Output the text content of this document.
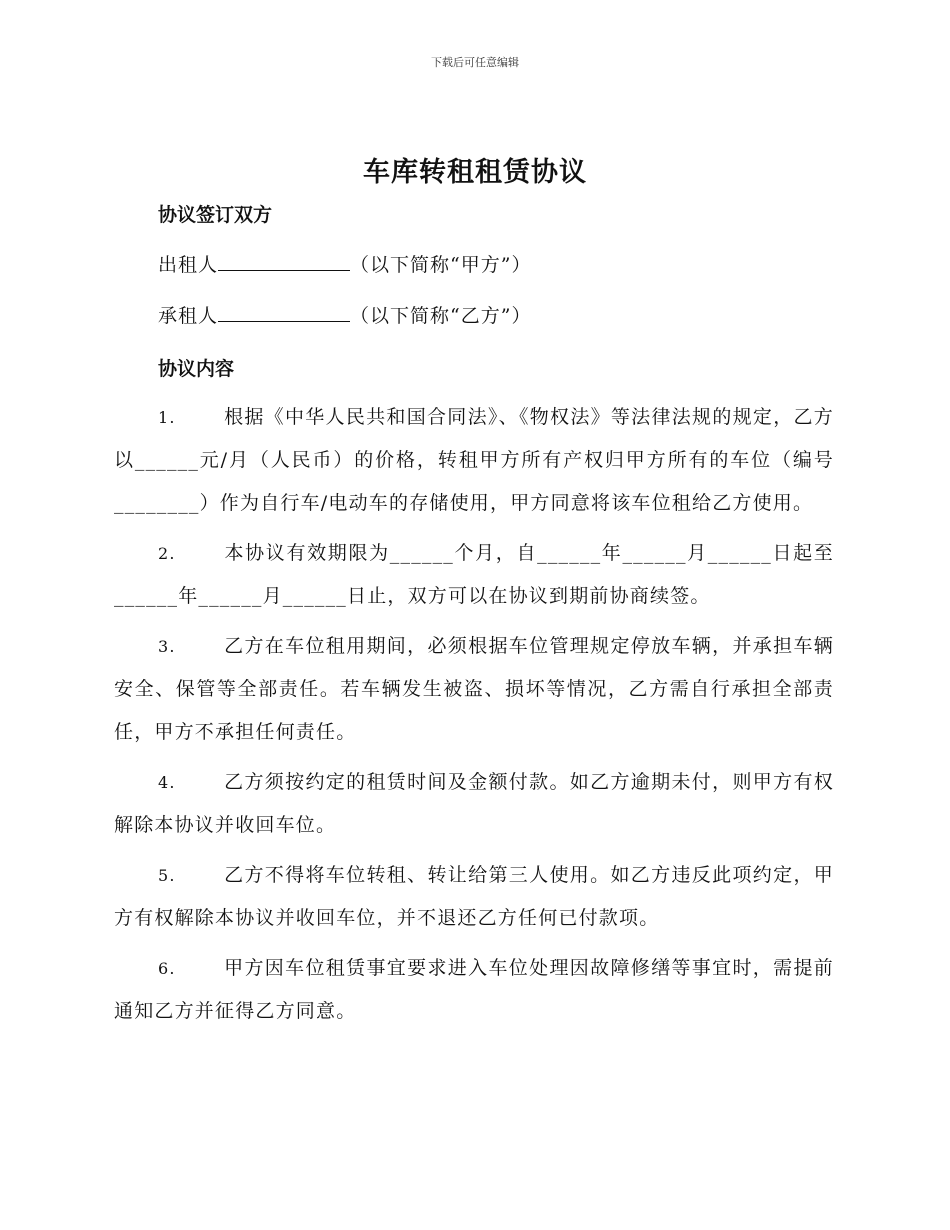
下载后可任意编辑
车库转租租赁协议
协议签订双方
出租人	（以下简称“甲方”）
承租人	（以下简称“乙方”）
协议内容

1.	根据《中华人民共和国合同法》、《物权法》等法律法规的规定，乙方以______元/月（人民币）的价格，转租甲方所有产权归甲方所有的车位（编号________）作为自行车/电动车的存储使用，甲方同意将该车位租给乙方使用。

2.	本协议有效期限为______个月，自______年______月______日起至______年______月______日止，双方可以在协议到期前协商续签。

3.	乙方在车位租用期间，必须根据车位管理规定停放车辆，并承担车辆安全、保管等全部责任。若车辆发生被盗、损坏等情况，乙方需自行承担全部责任，甲方不承担任何责任。

4.	乙方须按约定的租赁时间及金额付款。如乙方逾期未付，则甲方有权解除本协议并收回车位。

5.	乙方不得将车位转租、转让给第三人使用。如乙方违反此项约定，甲方有权解除本协议并收回车位，并不退还乙方任何已付款项。

6.	甲方因车位租赁事宜要求进入车位处理因故障修缮等事宜时，需提前通知乙方并征得乙方同意。
